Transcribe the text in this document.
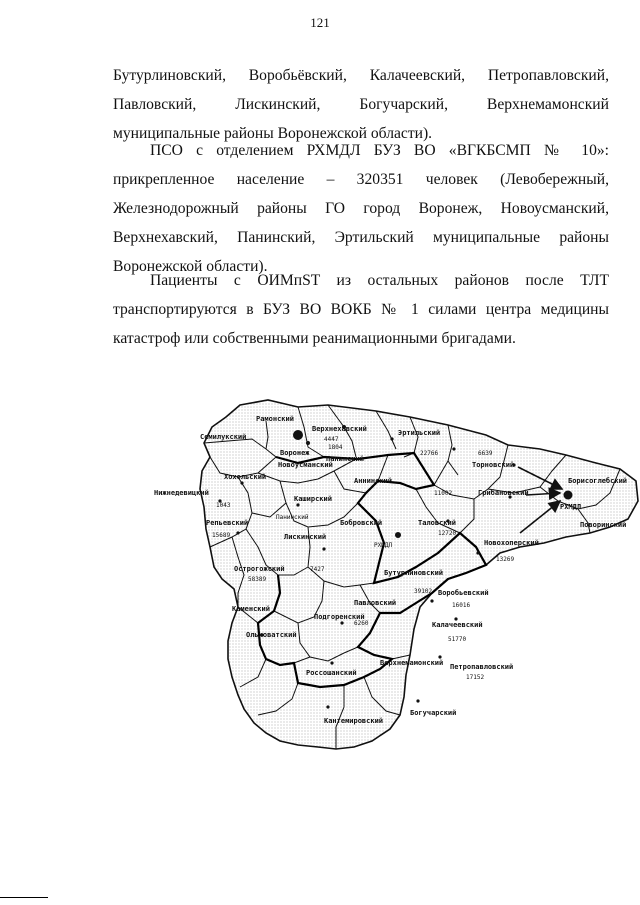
121

Бутурлиновский, Воробьёвский, Калачеевский, Петропавловский, Павловский, Лискинский, Богучарский, Верхнемамонский муниципальные районы Воронежской области).

ПСО с отделением РХМДЛ БУЗ ВО «ВГКБСМП № 10»: прикрепленное население – 320351 человек (Левобережный, Железнодорожный районы ГО город Воронеж, Новоусманский, Верхнехавский, Панинский, Эртильский муниципальные районы Воронежской области).

Пациенты с ОИМпST из остальных районов после ТЛТ транспортируются в БУЗ ВО ВОКБ № 1 силами центра медицины катастроф или собственными реанимационными бригадами.

Рамонский
Семилукский
Верхнехавский
4447
Эртильский
Воронеж
Панинский
1804
22766
Новоусманский
6639
Торновский
Борисоглебский
Хохольский	Аннинский
11002
Нижнедевицкий
1043
Грибановский
Каширский
РХМДЛ
Поворинский
Репьевский
15689
Бобровский	Таловский
12720
РХМДЛ
Лискинский
Панинский
Новохоперский
13269
Острогожский
58389
7427	Бутурлиновский
39102 Воробьевский
16016
Каменский
Павловский
6260
Подгоренский
Калачеевский
51770
Ольховатский
Верхнемамонский Петропавловский
17152
Россошанский
Кантемировский
Богучарский
